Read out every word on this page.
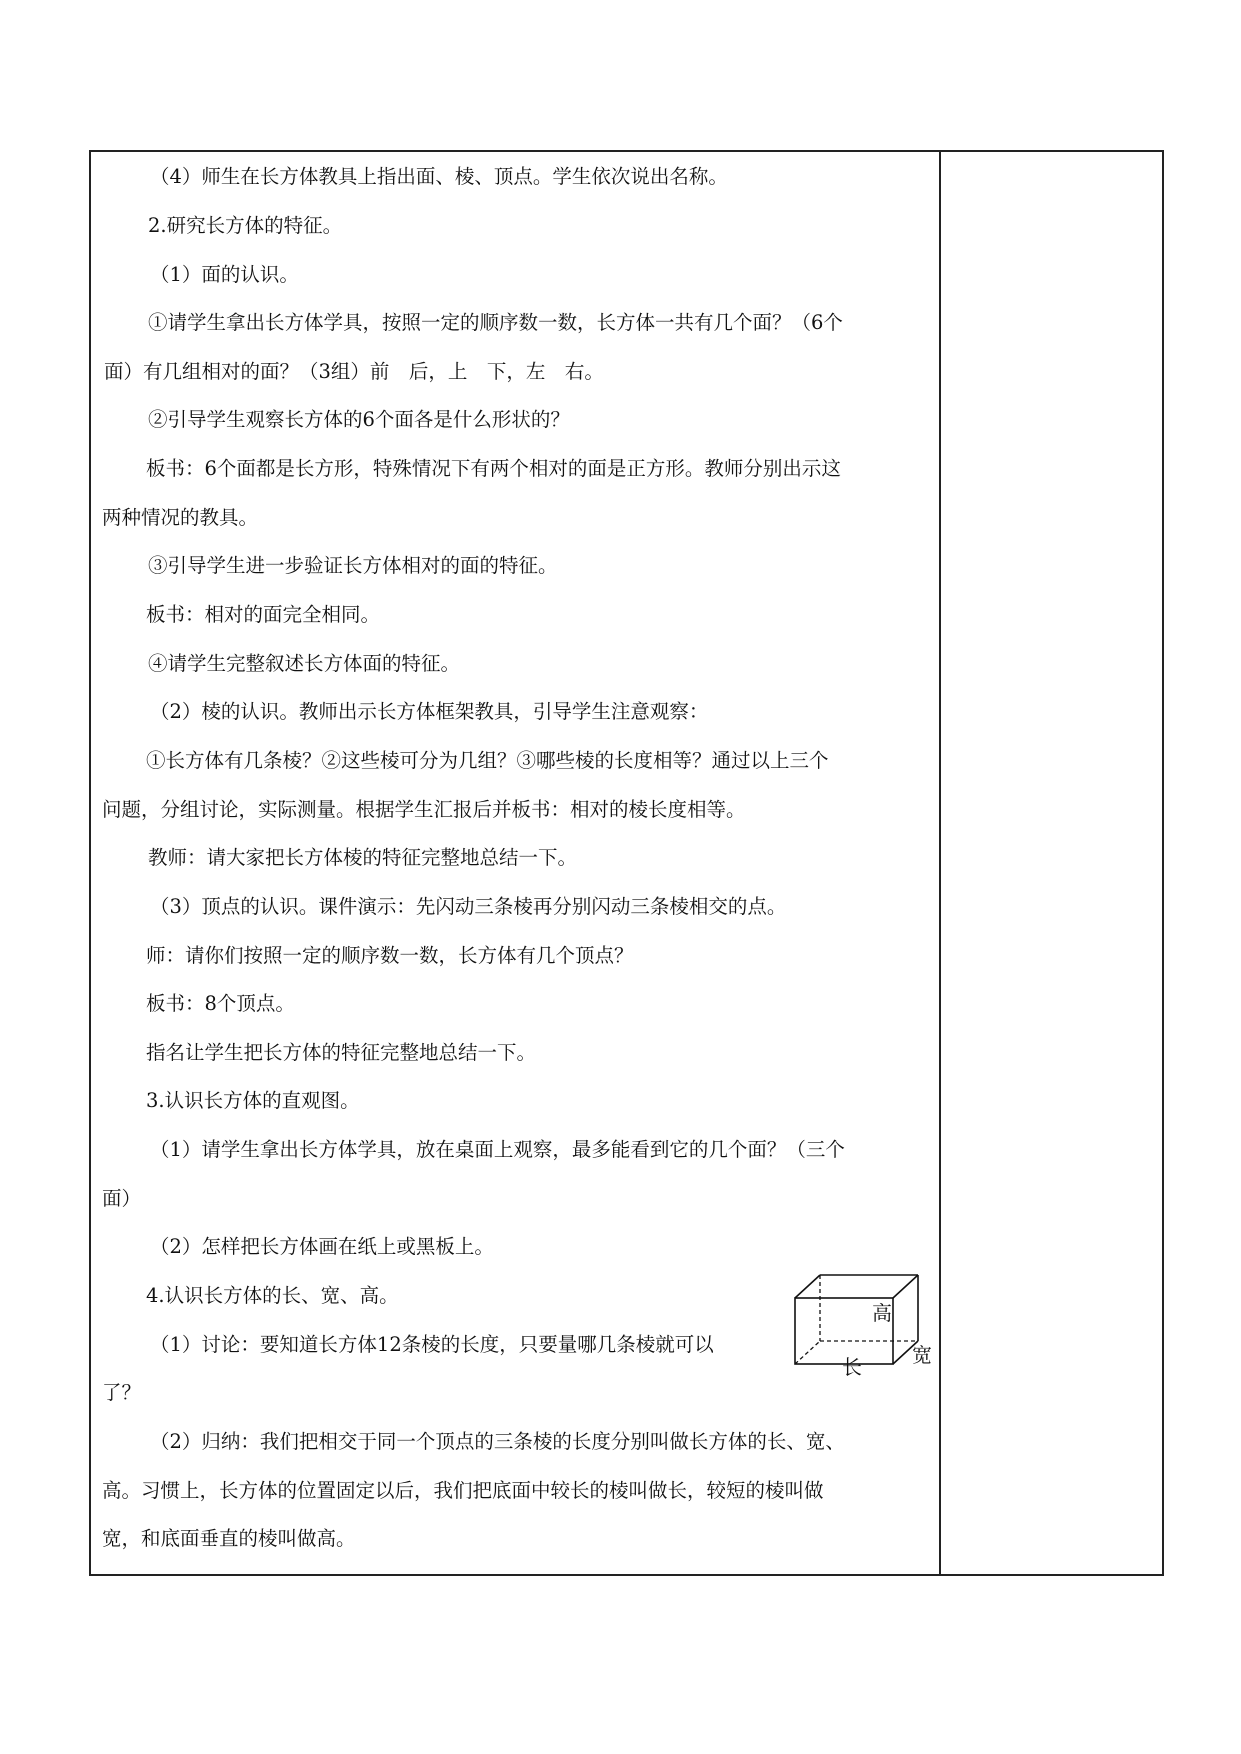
（4）师生在长方体教具上指出面、棱、顶点。学生依次说出名称。
2.研究长方体的特征。
（1）面的认识。
①请学生拿出长方体学具，按照一定的顺序数一数，长方体一共有几个面？（6个
面）有几组相对的面？（3组）前　后，上　下，左　右。
②引导学生观察长方体的6个面各是什么形状的？
板书：6个面都是长方形，特殊情况下有两个相对的面是正方形。教师分别出示这
两种情况的教具。
③引导学生进一步验证长方体相对的面的特征。
板书：相对的面完全相同。
④请学生完整叙述长方体面的特征。
（2）棱的认识。教师出示长方体框架教具，引导学生注意观察：
①长方体有几条棱？②这些棱可分为几组？③哪些棱的长度相等？通过以上三个
问题，分组讨论，实际测量。根据学生汇报后并板书：相对的棱长度相等。
教师：请大家把长方体棱的特征完整地总结一下。
（3）顶点的认识。课件演示：先闪动三条棱再分别闪动三条棱相交的点。
师：请你们按照一定的顺序数一数，长方体有几个顶点？
板书：8个顶点。
指名让学生把长方体的特征完整地总结一下。
3.认识长方体的直观图。
（1）请学生拿出长方体学具，放在桌面上观察，最多能看到它的几个面？（三个
面）
（2）怎样把长方体画在纸上或黑板上。
4.认识长方体的长、宽、高。
（1）讨论：要知道长方体12条棱的长度，只要量哪几条棱就可以
了？
（2）归纳：我们把相交于同一个顶点的三条棱的长度分别叫做长方体的长、宽、
高。习惯上，长方体的位置固定以后，我们把底面中较长的棱叫做长，较短的棱叫做
宽，和底面垂直的棱叫做高。
高
宽
长
